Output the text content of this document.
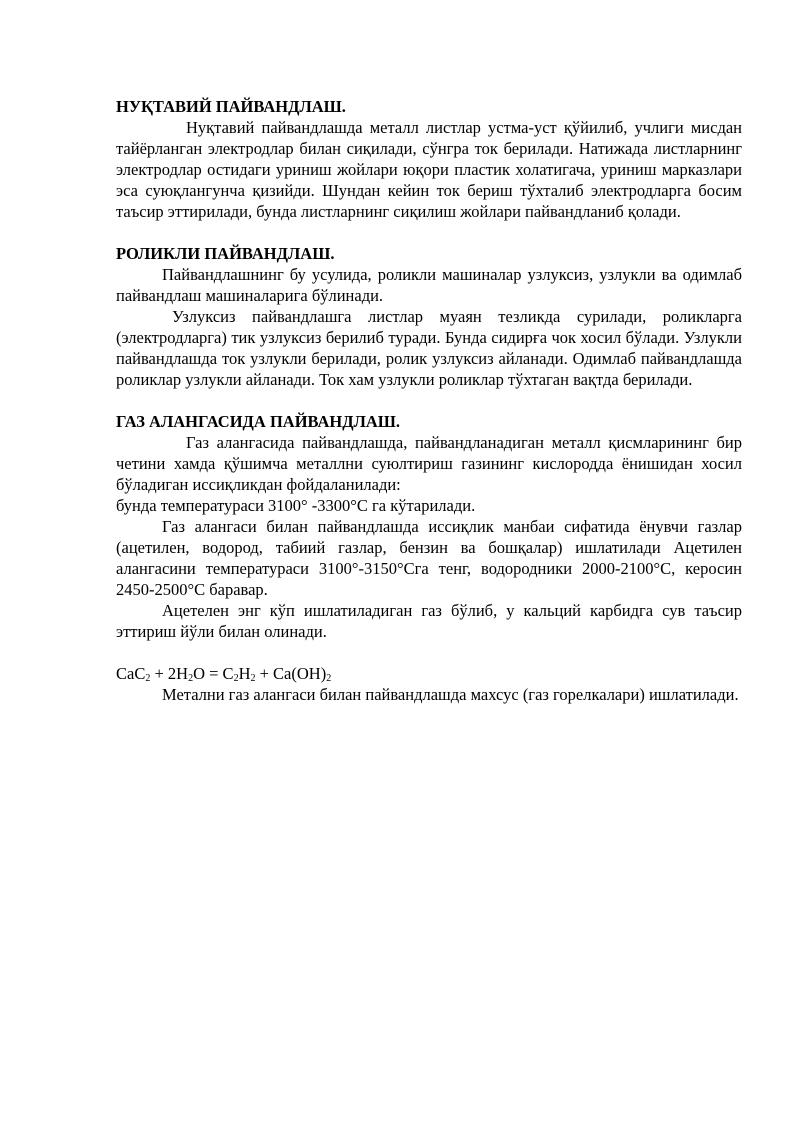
НУҚТАВИЙ ПАЙВАНДЛАШ.

Нуқтавий пайвандлашда металл листлар устма-уст қўйилиб, учлиги мисдан тайёрланган электродлар билан сиқилади, сўнгра ток берилади. Натижада листларнинг электродлар остидаги уриниш жойлари юқори пластик холатигача, уриниш марказлари эса суюқлангунча қизийди. Шундан кейин ток бериш тўхталиб электродларга босим таъсир эттирилади, бунда листларнинг сиқилиш жойлари пайвандланиб қолади.

РОЛИКЛИ ПАЙВАНДЛАШ.

Пайвандлашнинг бу усулида, роликли машиналар узлуксиз, узлукли ва одимлаб пайвандлаш машиналарига бўлинади.

Узлуксиз пайвандлашга листлар муаян тезликда сурилади, роликларга (электродларга) тик узлуксиз берилиб туради. Бунда сидирға чок хосил бўлади. Узлукли пайвандлашда ток узлукли берилади, ролик узлуксиз айланади. Одимлаб пайвандлашда роликлар узлукли айланади. Ток хам узлукли роликлар тўхтаган вақтда берилади.

ГАЗ АЛАНГАСИДА ПАЙВАНДЛАШ.

Газ алангасида пайвандлашда, пайвандланадиган металл қисмларининг бир четини хамда қўшимча металлни суюлтириш газининг кислородда ёнишидан хосил бўладиган иссиқликдан фойдаланилади:

бунда температураси 3100° -3300°С га кўтарилади.

Газ алангаси билан пайвандлашда иссиқлик манбаи сифатида ёнувчи газлар (ацетилен, водород, табиий газлар, бензин ва бошқалар) ишлатилади Ацетилен алангасини температураси 3100°-3150°Сга тенг, водородники 2000-2100°С, керосин 2450-2500°С баравар.

Ацетелен энг кўп ишлатиладиган газ бўлиб, у кальций карбидга сув таъсир эттириш йўли билан олинади.

$CaC_2 + 2H_2O = C_2H_2 + Ca(OH)_2$

Метални газ алангаси билан пайвандлашда махсус (газ горелкалари) ишлатилади.
